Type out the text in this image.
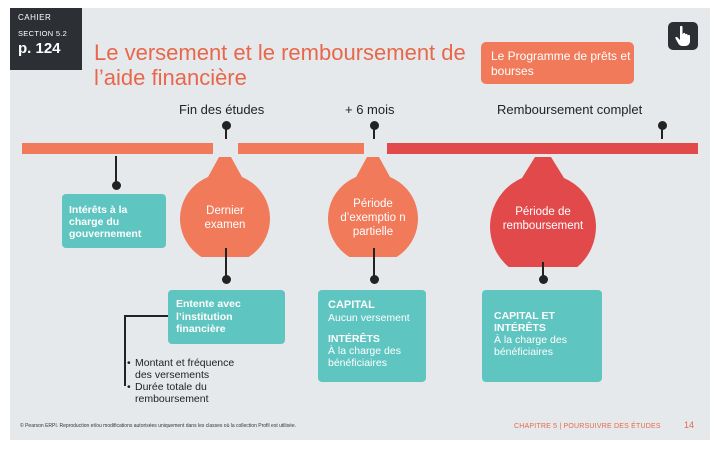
CAHIER
SECTION 5.2
p. 124 Le versement et le remboursement de l’aide financière
Le Programme de prêts et bourses
Fin des études	+ 6 mois	Remboursement complet
Intérêts à la charge du gouvernement
Dernier examen
Période d’exemptio n partielle
Période de remboursement
Entente avec l’institution financière
• Montant et fréquence des versements
• Durée totale du remboursement
CAPITAL
Aucun versement
INTÉRÊTS
À la charge des bénéficiaires
CAPITAL ET INTÉRÊTS
À la charge des bénéficiaires
© Pearson ERPI. Reproduction et/ou modifications autorisées uniquement dans les classes où la collection Profil est utilisée.	CHAPITRE 5 | POURSUIVRE DES ÉTUDES	14
